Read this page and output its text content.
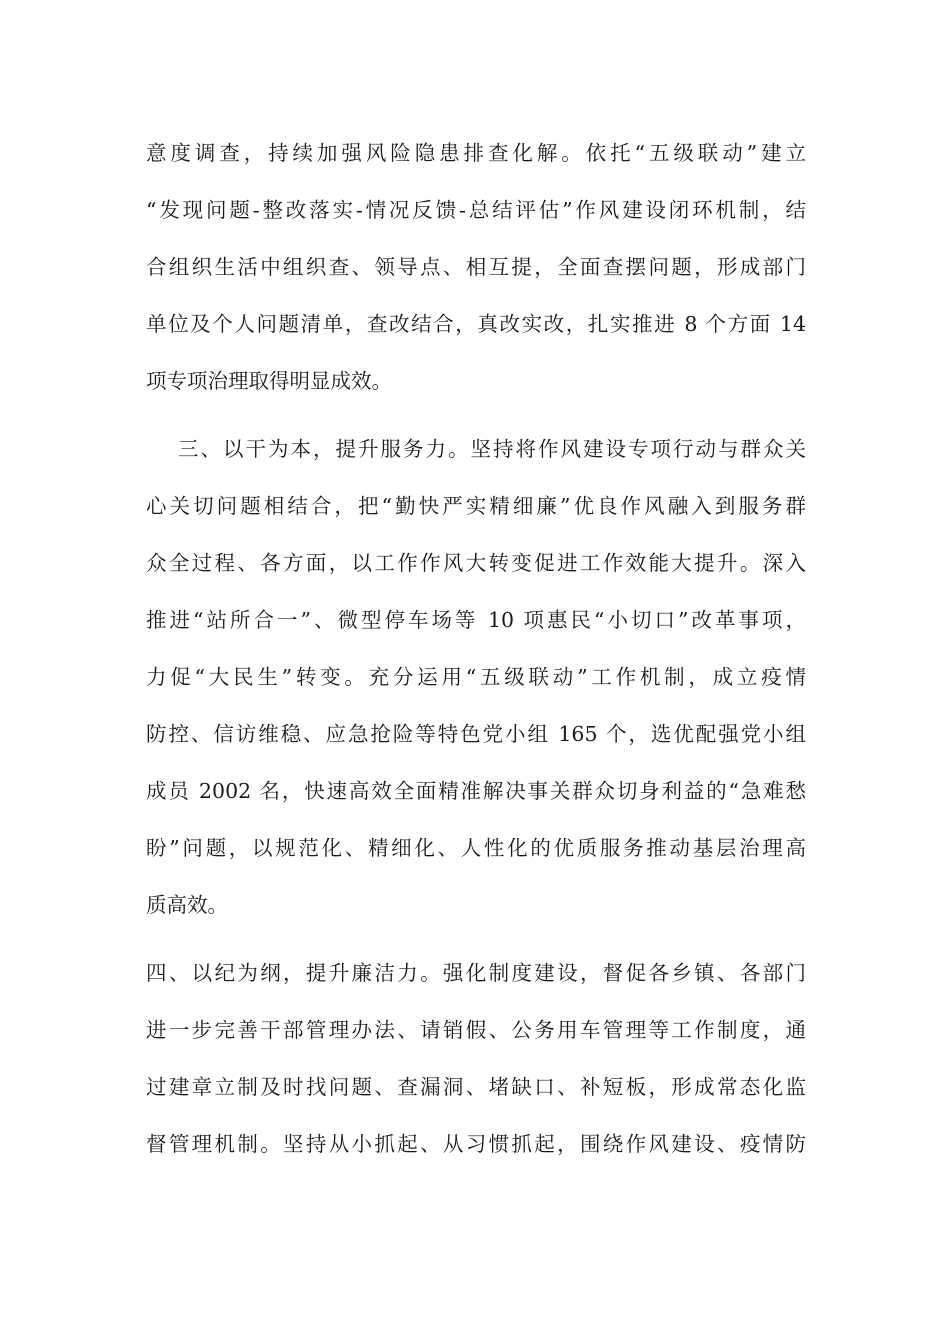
意度调查，持续加强风险隐患排查化解。依托“五级联动”建立
“发现问题-整改落实-情况反馈-总结评估”作风建设闭环机制，结
合组织生活中组织查、领导点、相互提，全面查摆问题，形成部门
单位及个人问题清单，查改结合，真改实改，扎实推进 8 个方面 14
项专项治理取得明显成效。
三、以干为本，提升服务力。坚持将作风建设专项行动与群众关
心关切问题相结合，把“勤快严实精细廉”优良作风融入到服务群
众全过程、各方面，以工作作风大转变促进工作效能大提升。深入
推进“站所合一”、微型停车场等 10 项惠民“小切口”改革事项，
力促“大民生”转变。充分运用“五级联动”工作机制，成立疫情
防控、信访维稳、应急抢险等特色党小组 165 个，选优配强党小组
成员 2002 名，快速高效全面精准解决事关群众切身利益的“急难愁
盼”问题，以规范化、精细化、人性化的优质服务推动基层治理高
质高效。
四、以纪为纲，提升廉洁力。强化制度建设，督促各乡镇、各部门
进一步完善干部管理办法、请销假、公务用车管理等工作制度，通
过建章立制及时找问题、查漏洞、堵缺口、补短板，形成常态化监
督管理机制。坚持从小抓起、从习惯抓起，围绕作风建设、疫情防
